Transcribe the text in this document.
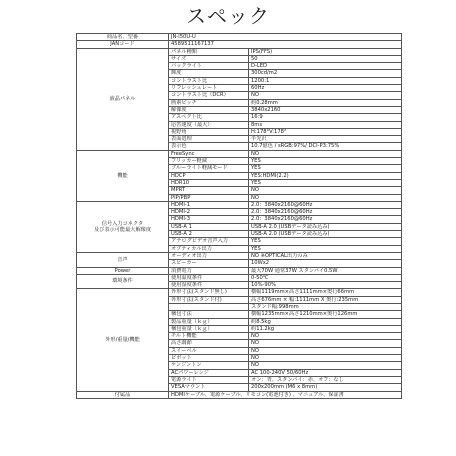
スペック
商品名、型番	JN-i50U-U	
JANコード	4589511167137	
液晶パネル	パネル種類	IPS(FFS)
	サイズ	50
	バックライト	D-LED
	輝度	300cd/m2
	コントラスト比	1200:1
	リフレッシュレート	60Hz
	コントラスト比（DCR）	NO
	画素ピッチ	約0.28mm
	解像度	3840x2160
	アスペクト比	16:9
	応答速度（最大）	8ms
	視野角	H:178°V:178°
	表面処理	半光沢
	表示色	10.7億色 / sRGB:97%/ DCI-P3:75%
機能	FreeSync	NO
	フリッカー軽減	YES
	ブルーライト軽減モード	YES
	HDCP	YES:HDMI(2.2)
	HDR10	YES
	MPRT	NO
	PIP/PBP	NO
信号入力コネクタ
及び表示可能最大解像度	HDMI-1	2.0：3840x2160@60Hz
	HDMI-2	2.0：3840x2160@60Hz
	HDMI-3	2.0：3840x2160@60Hz
	USB-A 1	USB-A 2.0 (USBデータ読み込み)
	USB-A 2	USB-A 2.0 (USBデータ読み込み)
	アナログビデオ音声入力	YES
	オプティカル出力	YES
音声	オーディオ出力	NO ※OPTICAL出力のみ
	スピーカー	10Wx2
Power	消費電力	最大70W 通常37W スタンバイ0.5W
環境条件	使用温度条件	0-50℃
	使用湿度条件	10%-90%
外形/重量/機能	外形寸法(スタンド無し)	横幅1119mm×高さ1111mm×奥行66mm
	外形寸法(スタンド付)	高さ676mm × 幅:1111mm X 奥行:235mm
		スタンド幅:998mm
	梱包寸法	横幅1235mm×高さ1210mm×奥行126mm
	製品重量（ｋｇ）	約8.5kg
	梱包重量（ｋｇ）	約11.2kg
	チルト機能	NO
	高さ調節	NO
	スイーベル	NO
	ピボット	NO
	ケンジントン	NO
	ACパワーレンジ	AC 100-240V 50/60Hz
	電源ライト	オン：青、スタンバイ：赤、オフ：なし
	VESAマウント	200x200mm (M6 x 8mm)
付属品	HDMIケーブル、電源ケーブル、リモコン(電池付き) 、マニュアル、保証書	
